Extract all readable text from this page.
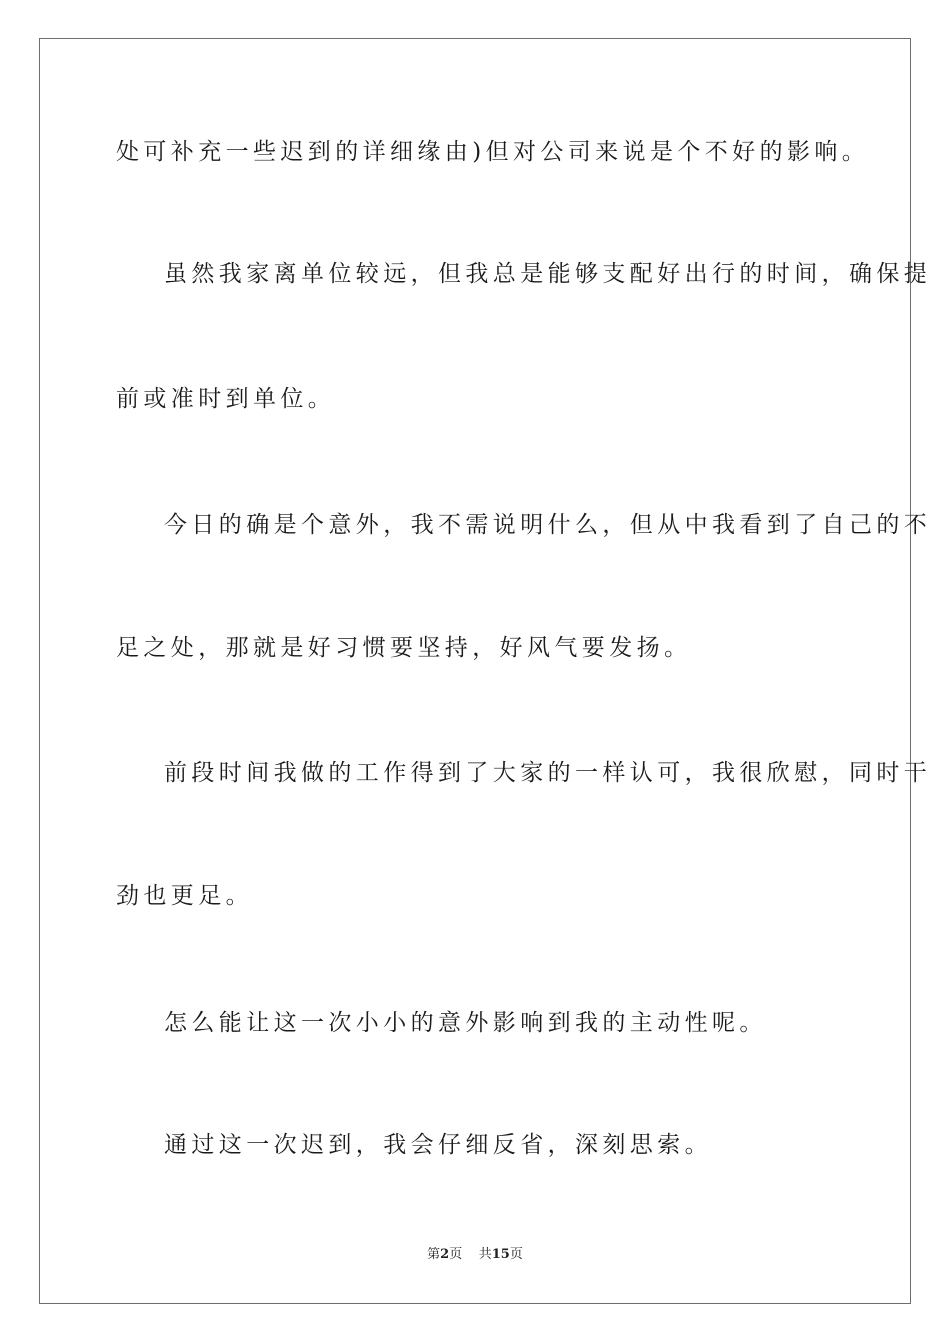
处可补充一些迟到的详细缘由)但对公司来说是个不好的影响。
虽然我家离单位较远，但我总是能够支配好出行的时间，确保提
前或准时到单位。
今日的确是个意外，我不需说明什么，但从中我看到了自己的不
足之处，那就是好习惯要坚持，好风气要发扬。
前段时间我做的工作得到了大家的一样认可，我很欣慰，同时干
劲也更足。
怎么能让这一次小小的意外影响到我的主动性呢。
通过这一次迟到，我会仔细反省，深刻思索。
第2页 共15页
